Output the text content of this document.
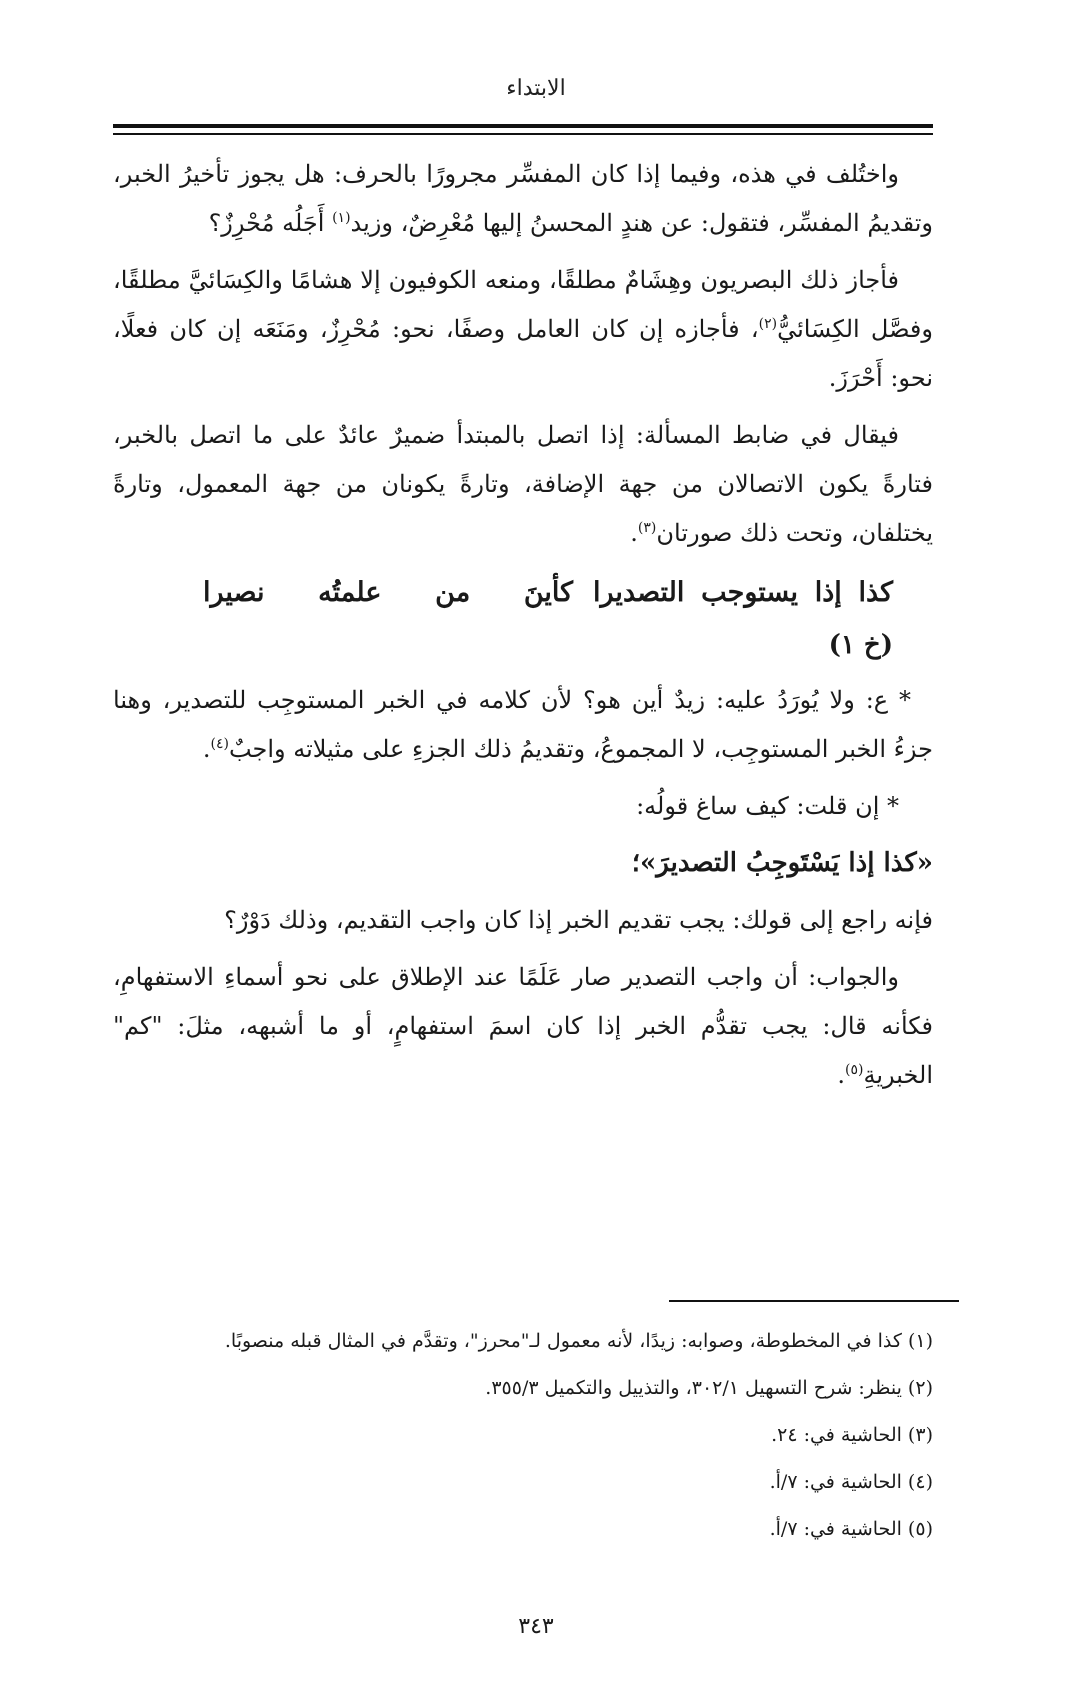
الابتداء

واختُلف في هذه، وفيما إذا كان المفسِّر مجرورًا بالحرف: هل يجوز تأخيرُ الخبر، وتقديمُ المفسِّر، فتقول: عن هندٍ المحسنُ إليها مُعْرِضٌ، وزيد$^{(١)}$ أَجَلُه مُحْرِزٌ؟

فأجاز ذلك البصريون وهِشَامٌ مطلقًا، ومنعه الكوفيون إلا هشامًا والكِسَائيَّ مطلقًا، وفصَّل الكِسَائيُّ$^{(٢)}$، فأجازه إن كان العامل وصفًا، نحو: مُحْرِزٌ، ومَنَعَه إن كان فعلًا، نحو: أَحْرَزَ.

فيقال في ضابط المسألة: إذا اتصل بالمبتدأ ضميرٌ عائدٌ على ما اتصل بالخبر، فتارةً يكون الاتصالان من جهة الإضافة، وتارةً يكونان من جهة المعمول، وتارةً يختلفان، وتحت ذلك صورتان$^{(٣)}$.

كذا
إذا
يستوجب
التصديرا
كأينَ
من
علمتُه
نصيرا
(خ ١)

* ع: ولا يُورَدُ عليه: زيدٌ أين هو؟ لأن كلامه في الخبر المستوجِب للتصدير، وهنا جزءُ الخبر المستوجِب، لا المجموعُ، وتقديمُ ذلك الجزءِ على مثيلاته واجبٌ$^{(٤)}$.

* إن قلت: كيف ساغ قولُه:

«كذا إذا يَسْتَوجِبُ التصديرَ»؛

فإنه راجع إلى قولك: يجب تقديم الخبر إذا كان واجب التقديم، وذلك دَوْرٌ؟

والجواب: أن واجب التصدير صار عَلَمًا عند الإطلاق على نحو أسماءِ الاستفهامِ، فكأنه قال: يجب تقدُّم الخبر إذا كان اسمَ استفهامٍ، أو ما أشبهه، مثلَ: "كم" الخبريةِ$^{(٥)}$.

(١) كذا في المخطوطة، وصوابه: زيدًا، لأنه معمول لـ"محرز"، وتقدَّم في المثال قبله منصوبًا.

(٢) ينظر: شرح التسهيل ٣٠٢/١، والتذييل والتكميل ٣٥٥/٣.

(٣) الحاشية في: ٢٤.

(٤) الحاشية في: ٧/أ.

(٥) الحاشية في: ٧/أ.

٣٤٣
